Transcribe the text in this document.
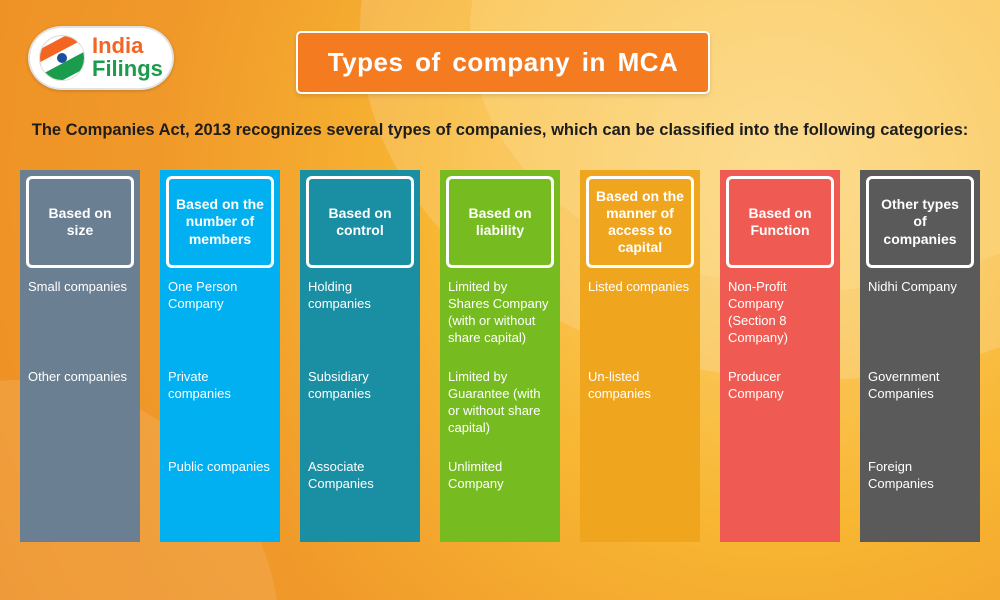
India
Filings	Types of company in MCA
The Companies Act, 2013 recognizes several types of companies, which can be classified into the following categories:
Based on size
Small companies
Other companies
Based on the number of members
One Person Company
Private companies
Public companies
Based on control
Holding companies
Subsidiary companies
Associate Companies
Based on liability
Limited by Shares Company (with or without share capital)
Limited by Guarantee (with or without share capital)
Unlimited Company
Based on the manner of access to capital
Listed companies
Un-listed companies
Based on Function
Non-Profit Company (Section 8 Company)
Producer Company
Other types of companies
Nidhi Company
Government Companies
Foreign Companies
